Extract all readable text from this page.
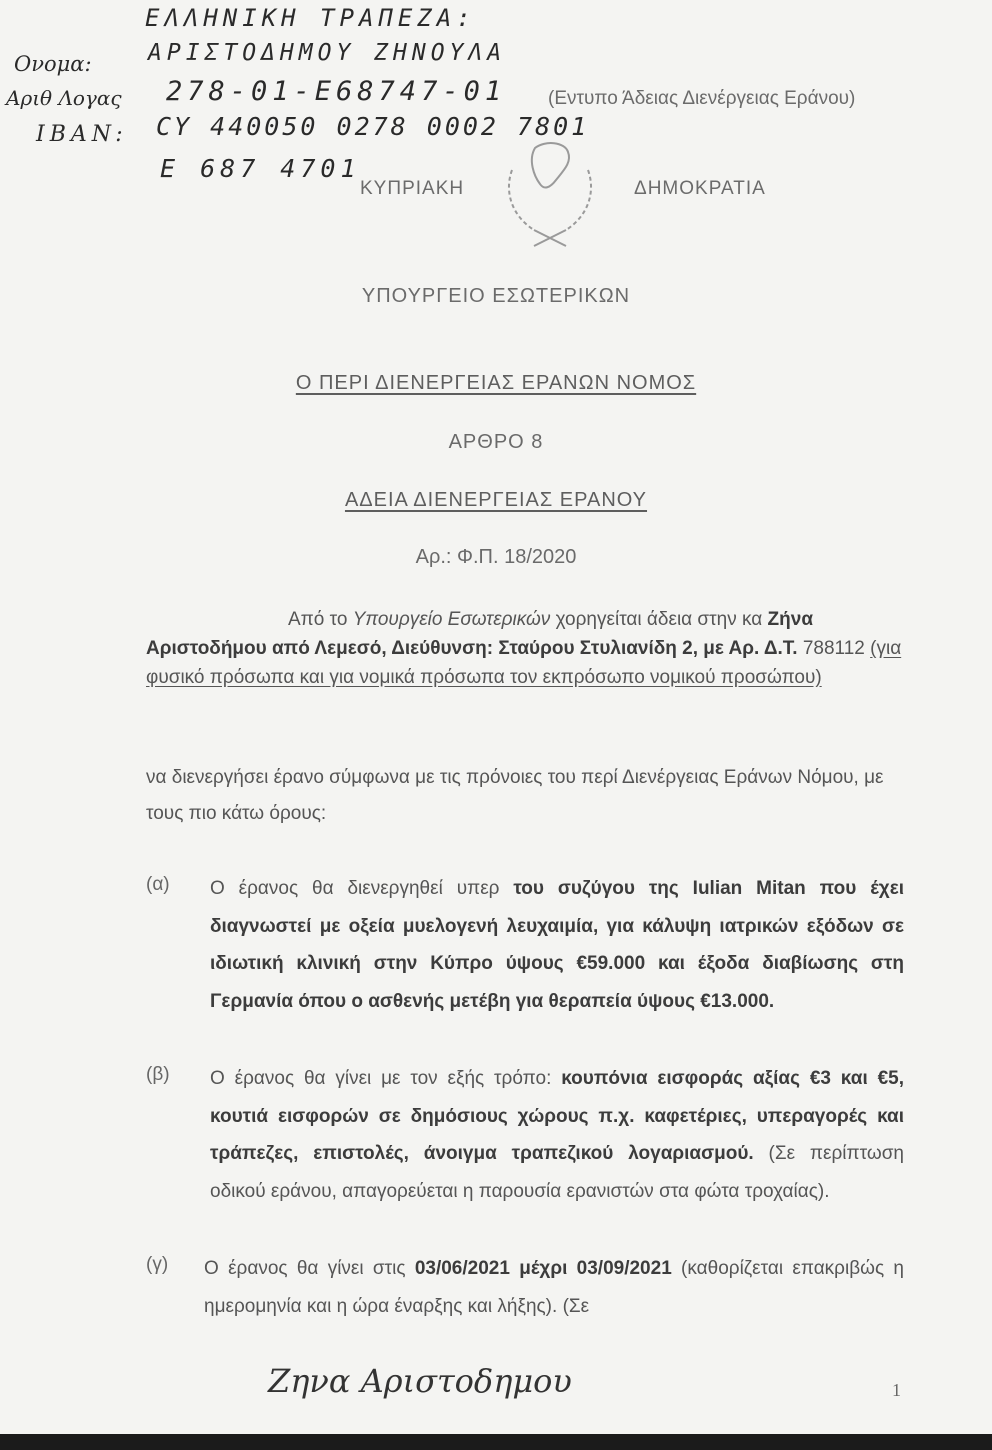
ΕΛΛΗΝΙΚΗ ΤΡΑΠΕΖΑ:
Ονομα: ΑΡΙΣΤΟΔΗΜΟΥ ΖΗΝΟΥΛΑ
Αριθ Λογας 278-01-Ε68747-01
IBAN: CY 440050 0278 0002 7801
Ε 687 4701
(Εντυπο Άδειας Διενέργειας Εράνου)
ΚΥΠΡΙΑΚΗ	ΔΗΜΟΚΡΑΤΙΑ
ΥΠΟΥΡΓΕΙΟ ΕΣΩΤΕΡΙΚΩΝ
Ο ΠΕΡΙ ΔΙΕΝΕΡΓΕΙΑΣ ΕΡΑΝΩΝ ΝΟΜΟΣ
ΑΡΘΡΟ 8
ΑΔΕΙΑ ΔΙΕΝΕΡΓΕΙΑΣ ΕΡΑΝΟΥ
Αρ.: Φ.Π. 18/2020
Από το Υπουργείο Εσωτερικών χορηγείται άδεια στην κα Ζήνα Αριστοδήμου από Λεμεσό, Διεύθυνση: Σταύρου Στυλιανίδη 2, με Αρ. Δ.Τ. 788112 (για φυσικό πρόσωπα και για νομικά πρόσωπα τον εκπρόσωπο νομικού προσώπου)
να διενεργήσει έρανο σύμφωνα με τις πρόνοιες του περί Διενέργειας Εράνων Νόμου, με τους πιο κάτω όρους:
(α) Ο έρανος θα διενεργηθεί υπερ του συζύγου της Iulian Mitan που έχει διαγνωστεί με οξεία μυελογενή λευχαιμία, για κάλυψη ιατρικών εξόδων σε ιδιωτική κλινική στην Κύπρο ύψους €59.000 και έξοδα διαβίωσης στη Γερμανία όπου ο ασθενής μετέβη για θεραπεία ύψους €13.000.
(β) Ο έρανος θα γίνει με τον εξής τρόπο: κουπόνια εισφοράς αξίας €3 και €5, κουτιά εισφορών σε δημόσιους χώρους π.χ. καφετέριες, υπεραγορές και τράπεζες, επιστολές, άνοιγμα τραπεζικού λογαριασμού. (Σε περίπτωση οδικού εράνου, απαγορεύεται η παρουσία ερανιστών στα φώτα τροχαίας).
(γ) Ο έρανος θα γίνει στις 03/06/2021 μέχρι 03/09/2021 (καθορίζεται επακριβώς η ημερομηνία και η ώρα έναρξης και λήξης). (Σε
Ζηνα Αριστοδημου	1
